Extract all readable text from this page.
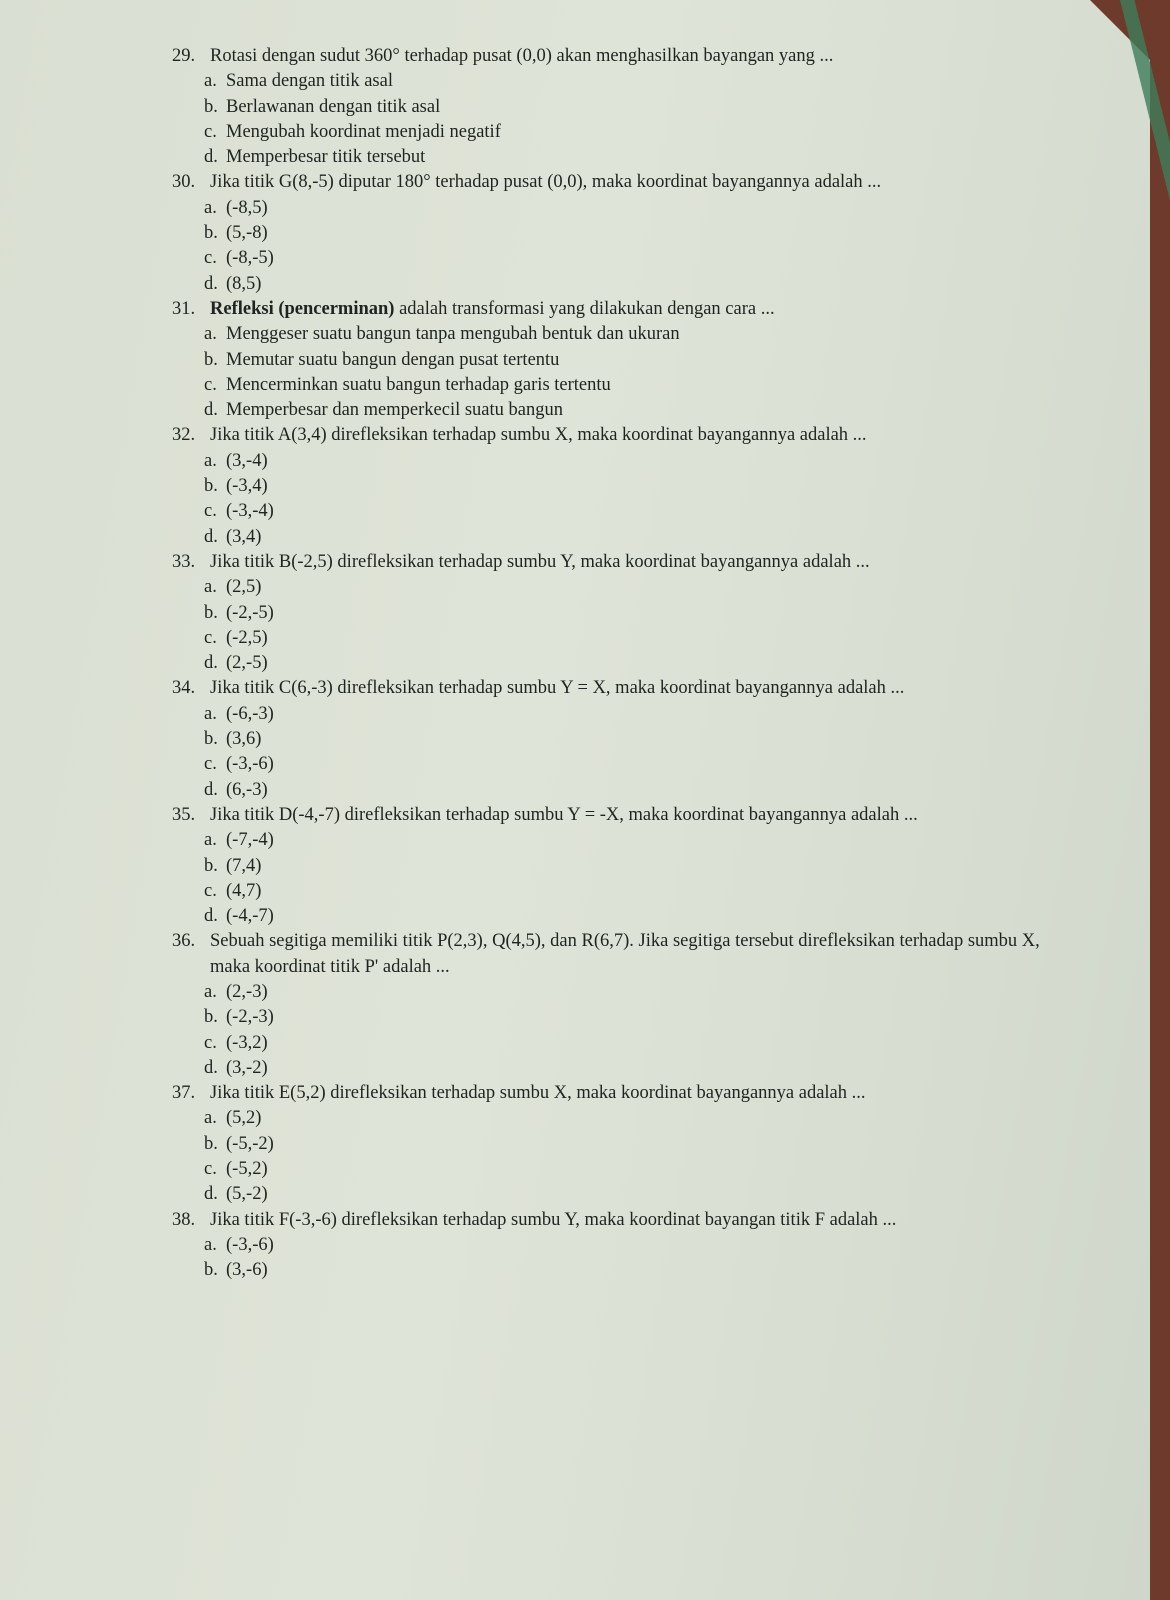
29. Rotasi dengan sudut 360° terhadap pusat (0,0) akan menghasilkan bayangan yang ...
a. Sama dengan titik asal
b. Berlawanan dengan titik asal
c. Mengubah koordinat menjadi negatif
d. Memperbesar titik tersebut
30. Jika titik G(8,-5) diputar 180° terhadap pusat (0,0), maka koordinat bayangannya adalah ...
a. (-8,5)
b. (5,-8)
c. (-8,-5)
d. (8,5)
31. Refleksi (pencerminan) adalah transformasi yang dilakukan dengan cara ...
a. Menggeser suatu bangun tanpa mengubah bentuk dan ukuran
b. Memutar suatu bangun dengan pusat tertentu
c. Mencerminkan suatu bangun terhadap garis tertentu
d. Memperbesar dan memperkecil suatu bangun
32. Jika titik A(3,4) direfleksikan terhadap sumbu X, maka koordinat bayangannya adalah ...
a. (3,-4)
b. (-3,4)
c. (-3,-4)
d. (3,4)
33. Jika titik B(-2,5) direfleksikan terhadap sumbu Y, maka koordinat bayangannya adalah ...
a. (2,5)
b. (-2,-5)
c. (-2,5)
d. (2,-5)
34. Jika titik C(6,-3) direfleksikan terhadap sumbu Y = X, maka koordinat bayangannya adalah ...
a. (-6,-3)
b. (3,6)
c. (-3,-6)
d. (6,-3)
35. Jika titik D(-4,-7) direfleksikan terhadap sumbu Y = -X, maka koordinat bayangannya adalah ...
a. (-7,-4)
b. (7,4)
c. (4,7)
d. (-4,-7)
36. Sebuah segitiga memiliki titik P(2,3), Q(4,5), dan R(6,7). Jika segitiga tersebut direfleksikan terhadap sumbu X, maka koordinat titik P' adalah ...
a. (2,-3)
b. (-2,-3)
c. (-3,2)
d. (3,-2)
37. Jika titik E(5,2) direfleksikan terhadap sumbu X, maka koordinat bayangannya adalah ...
a. (5,2)
b. (-5,-2)
c. (-5,2)
d. (5,-2)
38. Jika titik F(-3,-6) direfleksikan terhadap sumbu Y, maka koordinat bayangan titik F adalah ...
a. (-3,-6)
b. (3,-6)
